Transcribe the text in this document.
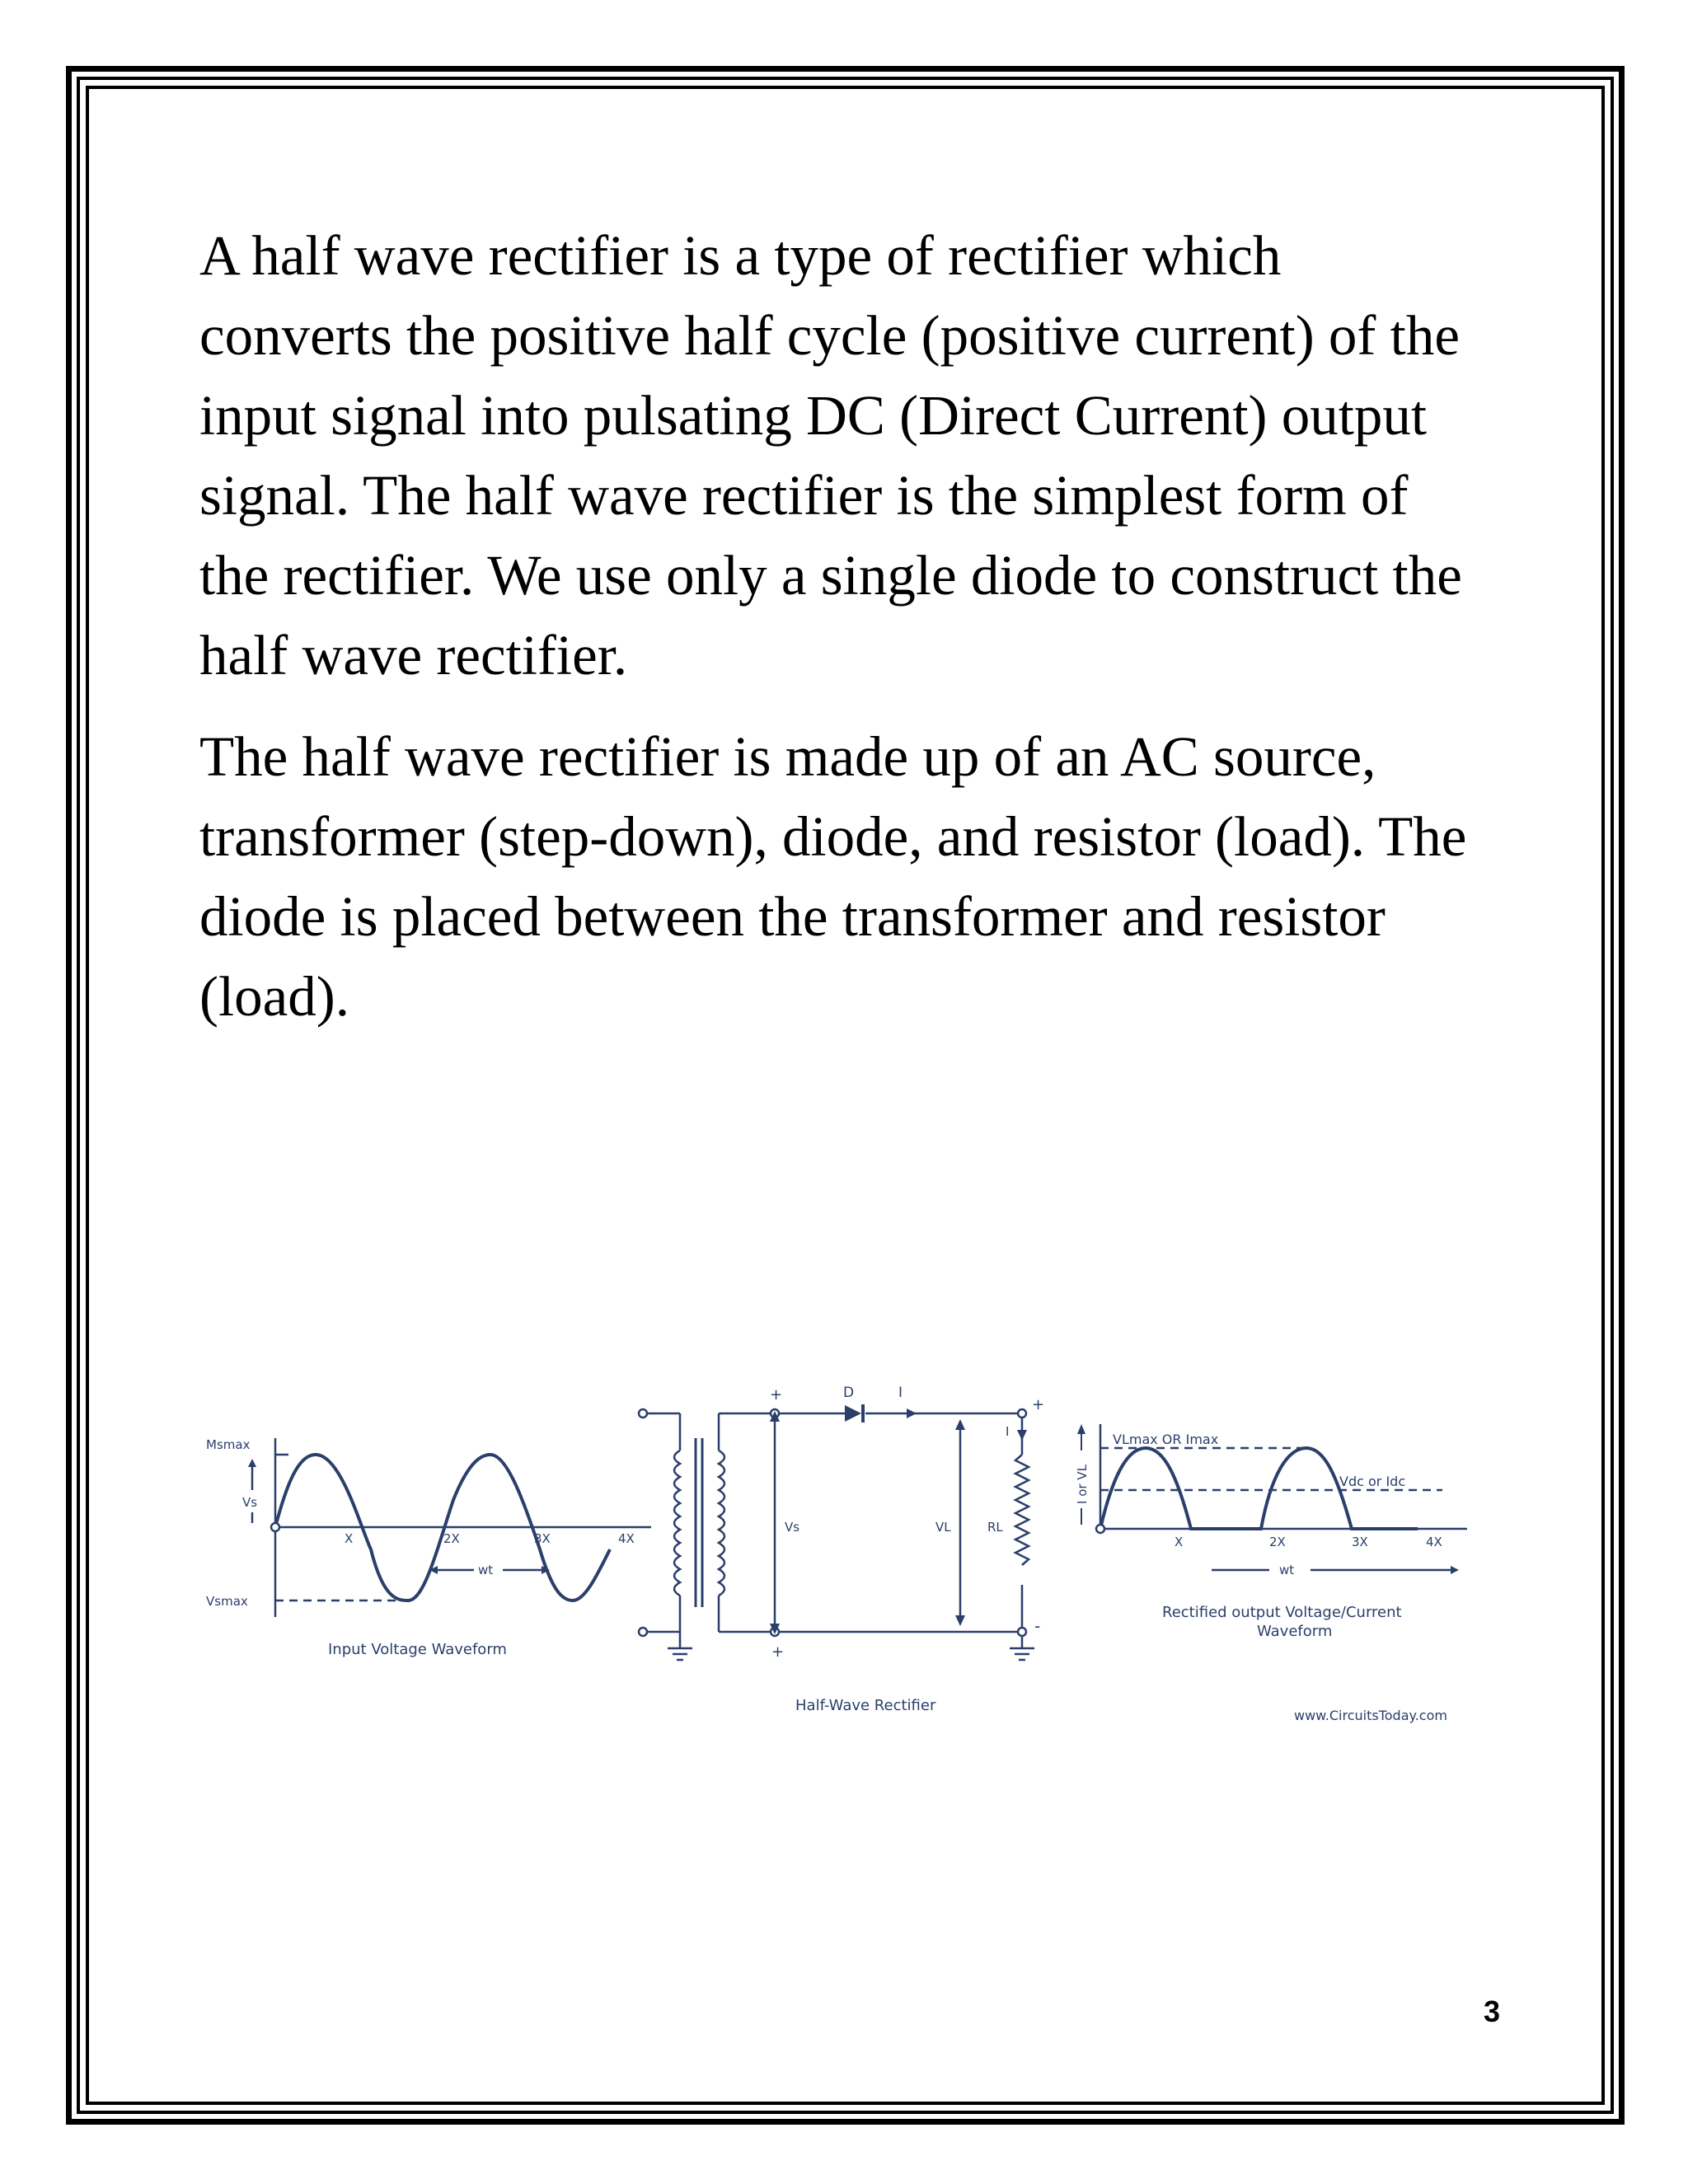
A half wave rectifier is a type of rectifier which converts the positive half cycle (positive current) of the input signal into pulsating DC (Direct Current) output signal. The half wave rectifier is the simplest form of the rectifier. We use only a single diode to construct the half wave rectifier.

The half wave rectifier is made up of an AC source, transformer (step-down), diode, and resistor (load). The diode is placed between the transformer and resistor (load).

Msmax
Vs
Vsmax
X	2X	3X	4X
wt
Input Voltage Waveform
D	I
I
Vs	VL	RL
+
+
+
-
Half-Wave Rectifier
VLmax OR Imax
Vdc or Idc
I or VL
X	2X	3X	4X
wt
Rectified output Voltage/Current
Waveform
www.CircuitsToday.com
3
